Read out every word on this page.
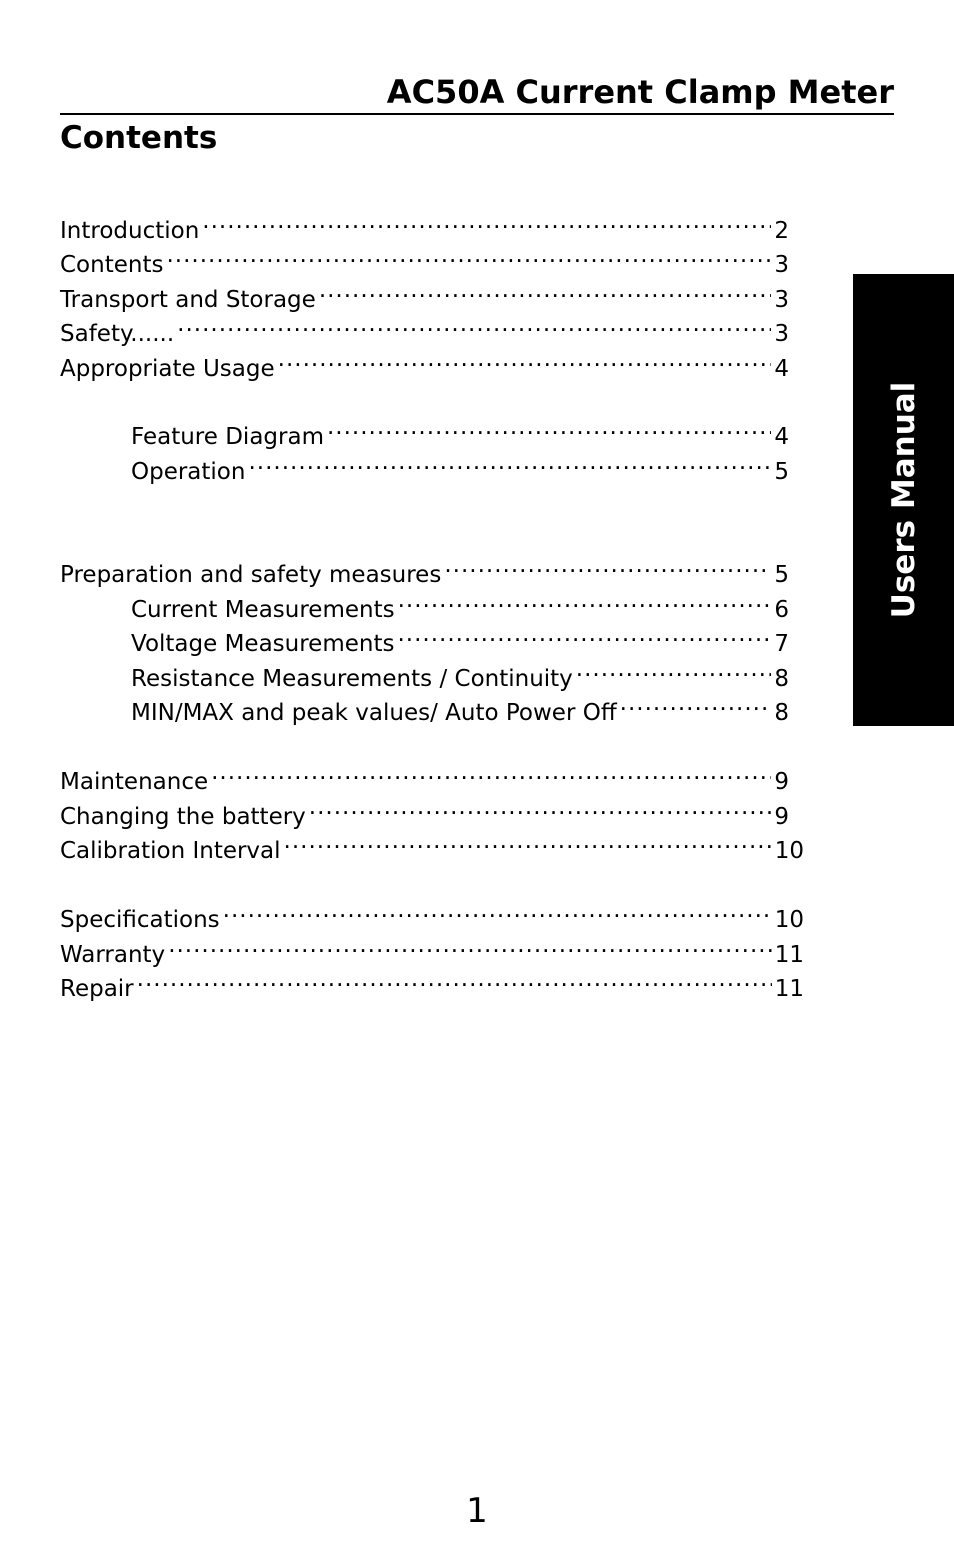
AC50A Current Clamp Meter
Contents
Introduction .....	2
Contents .....	3
Transport and Storage .....	3
Safety...... .....	3
Appropriate Usage .....	4
Feature Diagram .....	4
Operation .....	5
Preparation and safety measures .....	5
Current Measurements .....	6
Voltage Measurements .....	7
Resistance Measurements / Continuity .....	8
MIN/MAX and peak values/ Auto Power Off .....	8
Maintenance .....	9
Changing the battery .....	9
Calibration Interval .....	10
Specifications .....	10
Warranty .....	11
Repair .....	11
Users Manual
1
